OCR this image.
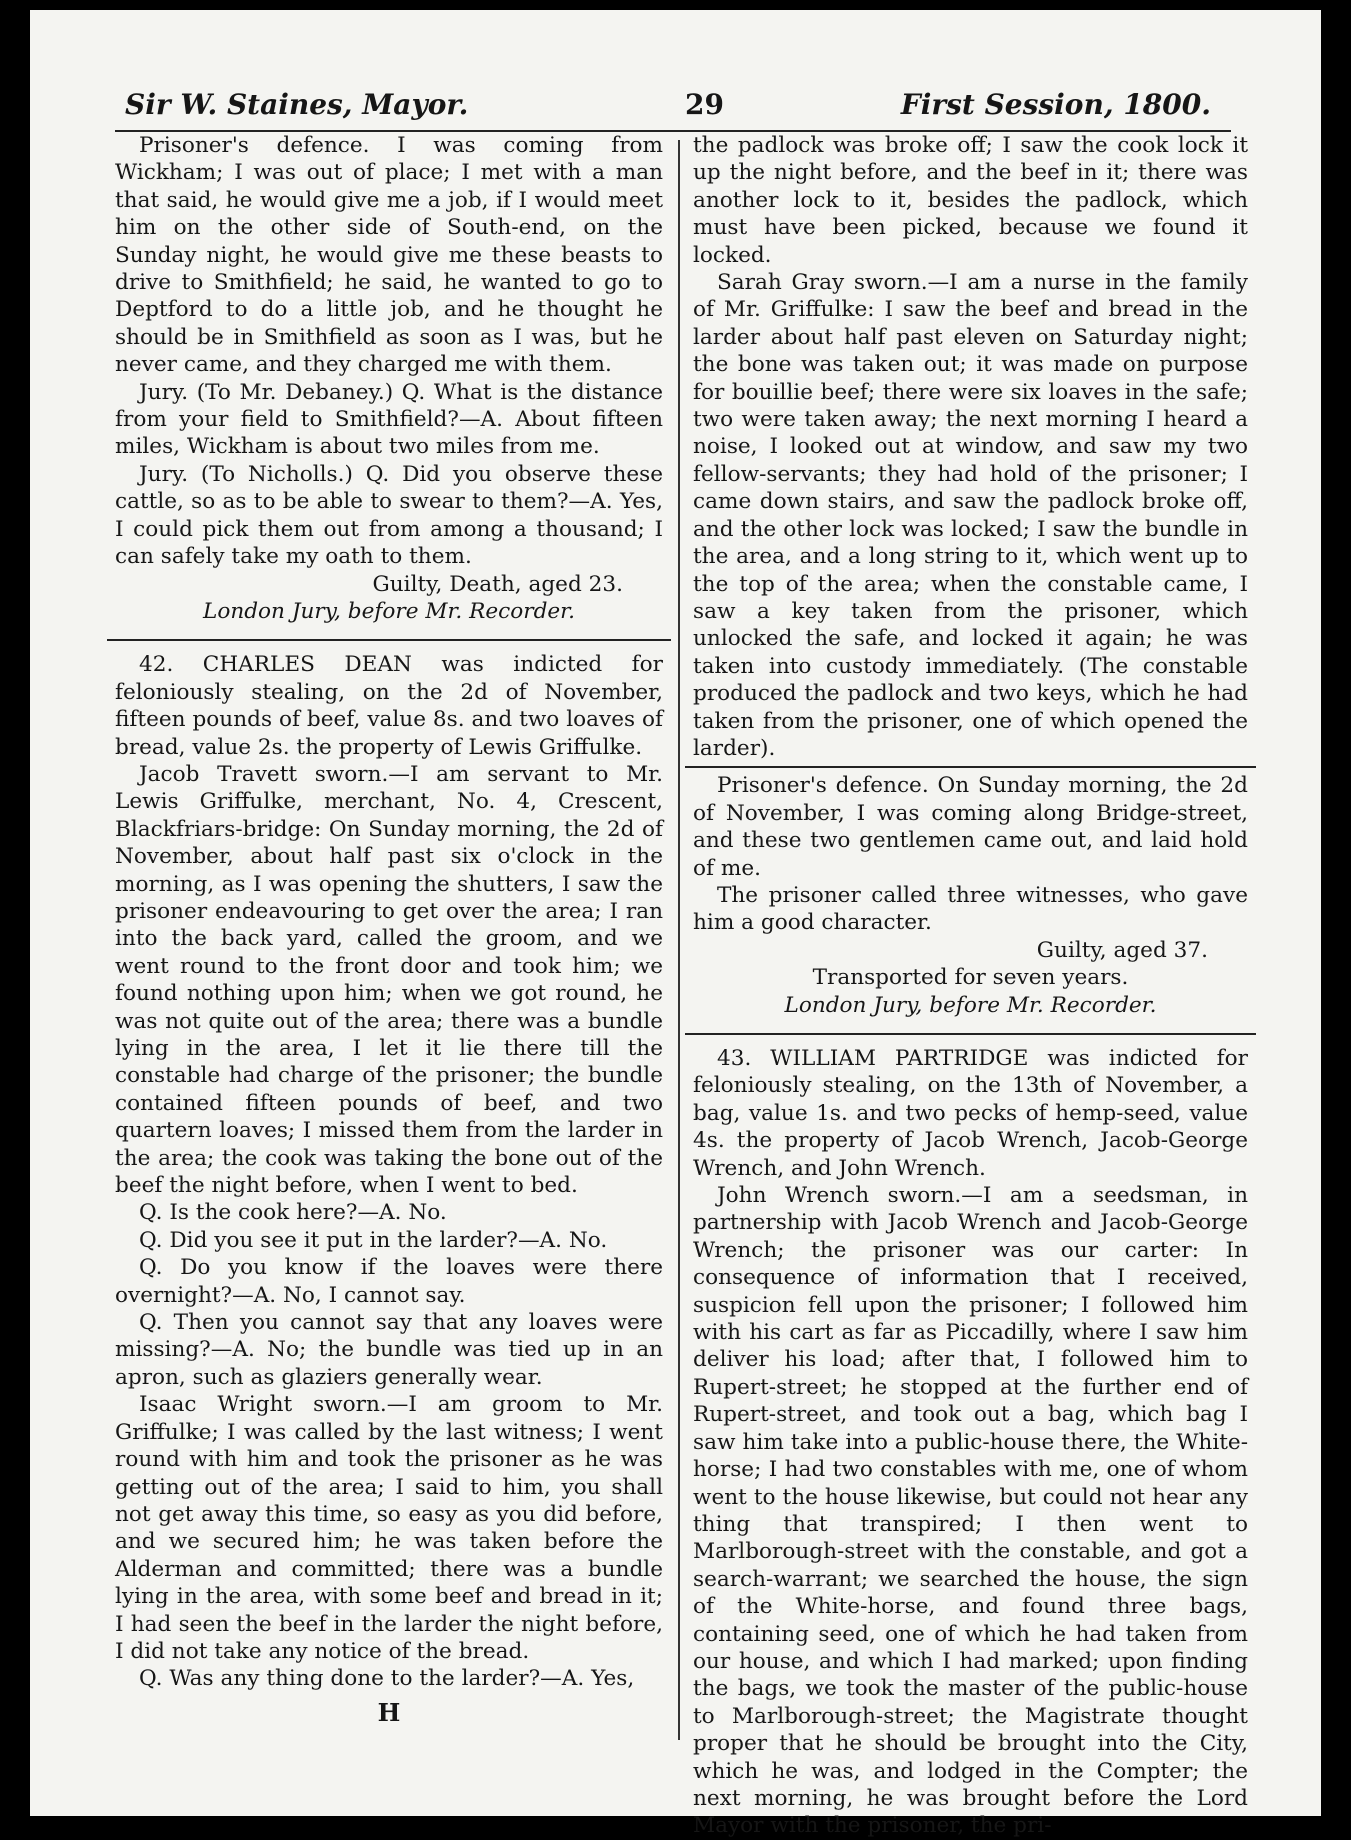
Sir W. Staines, Mayor.	29	First Session, 1800.

Prisoner's defence. I was coming from Wickham; I was out of place; I met with a man that said, he would give me a job, if I would meet him on the other side of South-end, on the Sunday night, he would give me these beasts to drive to Smithfield; he said, he wanted to go to Deptford to do a little job, and he thought he should be in Smithfield as soon as I was, but he never came, and they charged me with them.

Jury. (To Mr. Debaney.) Q. What is the distance from your field to Smithfield?—A. About fifteen miles, Wickham is about two miles from me.

Jury. (To Nicholls.) Q. Did you observe these cattle, so as to be able to swear to them?—A. Yes, I could pick them out from among a thousand; I can safely take my oath to them.

Guilty, Death, aged 23.

London Jury, before Mr. Recorder.

42. CHARLES DEAN was indicted for feloniously stealing, on the 2d of November, fifteen pounds of beef, value 8s. and two loaves of bread, value 2s. the property of Lewis Griffulke.

Jacob Travett sworn.—I am servant to Mr. Lewis Griffulke, merchant, No. 4, Crescent, Blackfriars-bridge: On Sunday morning, the 2d of November, about half past six o'clock in the morning, as I was opening the shutters, I saw the prisoner endeavouring to get over the area; I ran into the back yard, called the groom, and we went round to the front door and took him; we found nothing upon him; when we got round, he was not quite out of the area; there was a bundle lying in the area, I let it lie there till the constable had charge of the prisoner; the bundle contained fifteen pounds of beef, and two quartern loaves; I missed them from the larder in the area; the cook was taking the bone out of the beef the night before, when I went to bed.

Q. Is the cook here?—A. No.

Q. Did you see it put in the larder?—A. No.

Q. Do you know if the loaves were there overnight?—A. No, I cannot say.

Q. Then you cannot say that any loaves were missing?—A. No; the bundle was tied up in an apron, such as glaziers generally wear.

Isaac Wright sworn.—I am groom to Mr. Griffulke; I was called by the last witness; I went round with him and took the prisoner as he was getting out of the area; I said to him, you shall not get away this time, so easy as you did before, and we secured him; he was taken before the Alderman and committed; there was a bundle lying in the area, with some beef and bread in it; I had seen the beef in the larder the night before, I did not take any notice of the bread.

Q. Was any thing done to the larder?—A. Yes,

H

the padlock was broke off; I saw the cook lock it up the night before, and the beef in it; there was another lock to it, besides the padlock, which must have been picked, because we found it locked.

Sarah Gray sworn.—I am a nurse in the family of Mr. Griffulke: I saw the beef and bread in the larder about half past eleven on Saturday night; the bone was taken out; it was made on purpose for bouillie beef; there were six loaves in the safe; two were taken away; the next morning I heard a noise, I looked out at window, and saw my two fellow-servants; they had hold of the prisoner; I came down stairs, and saw the padlock broke off, and the other lock was locked; I saw the bundle in the area, and a long string to it, which went up to the top of the area; when the constable came, I saw a key taken from the prisoner, which unlocked the safe, and locked it again; he was taken into custody immediately. (The constable produced the padlock and two keys, which he had taken from the prisoner, one of which opened the larder).

Prisoner's defence. On Sunday morning, the 2d of November, I was coming along Bridge-street, and these two gentlemen came out, and laid hold of me.

The prisoner called three witnesses, who gave him a good character.

Guilty, aged 37.

Transported for seven years.

London Jury, before Mr. Recorder.

43. WILLIAM PARTRIDGE was indicted for feloniously stealing, on the 13th of November, a bag, value 1s. and two pecks of hemp-seed, value 4s. the property of Jacob Wrench, Jacob-George Wrench, and John Wrench.

John Wrench sworn.—I am a seedsman, in partnership with Jacob Wrench and Jacob-George Wrench; the prisoner was our carter: In consequence of information that I received, suspicion fell upon the prisoner; I followed him with his cart as far as Piccadilly, where I saw him deliver his load; after that, I followed him to Rupert-street; he stopped at the further end of Rupert-street, and took out a bag, which bag I saw him take into a public-house there, the White-horse; I had two constables with me, one of whom went to the house likewise, but could not hear any thing that transpired; I then went to Marlborough-street with the constable, and got a search-warrant; we searched the house, the sign of the White-horse, and found three bags, containing seed, one of which he had taken from our house, and which I had marked; upon finding the bags, we took the master of the public-house to Marlborough-street; the Magistrate thought proper that he should be brought into the City, which he was, and lodged in the Compter; the next morning, he was brought before the Lord Mayor with the prisoner, the pri-
